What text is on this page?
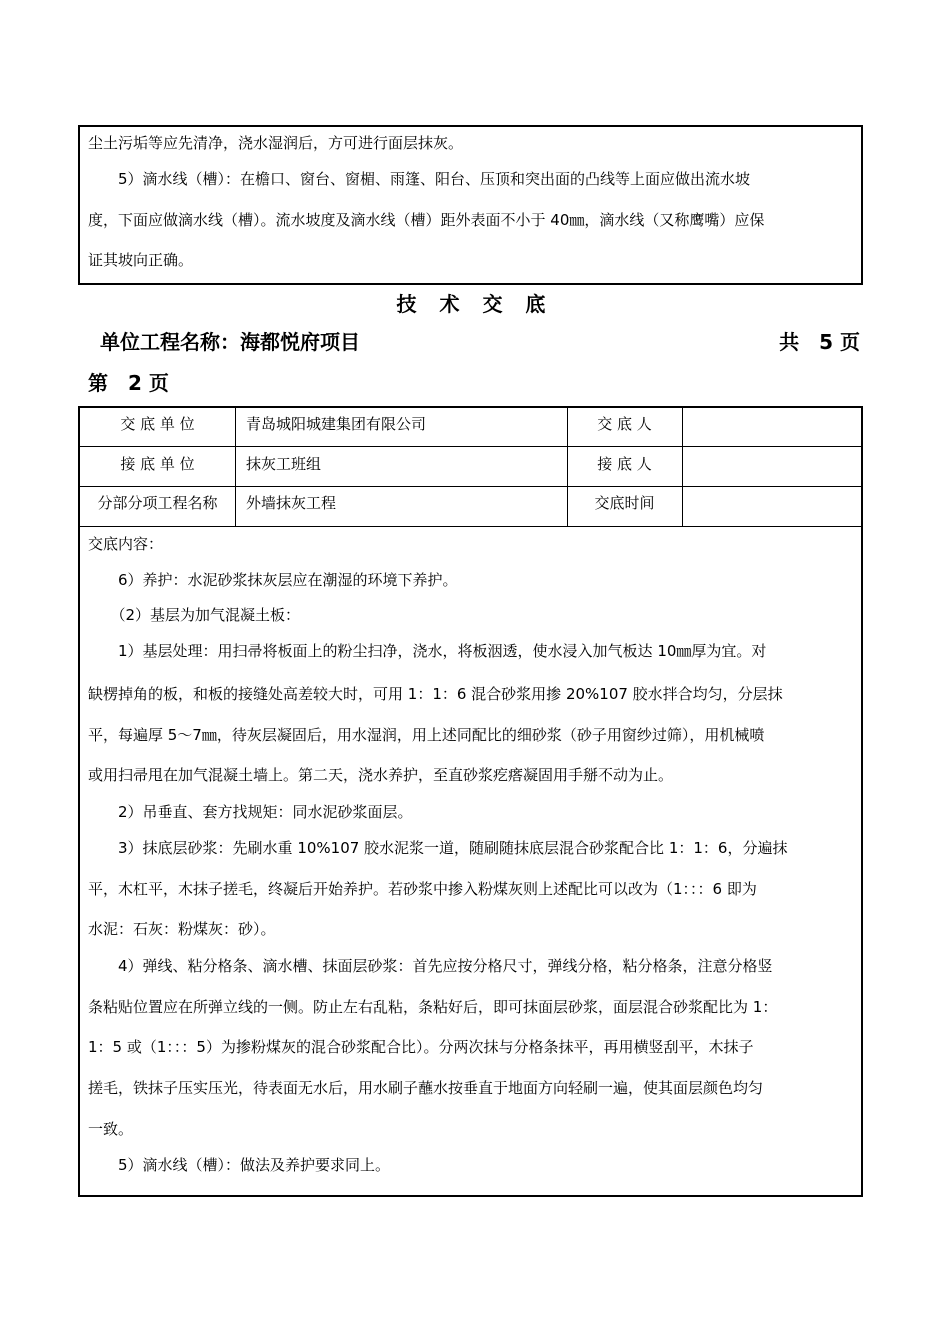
尘土污垢等应先清净，浇水湿润后，方可进行面层抹灰。
　　5）滴水线（槽）：在檐口、窗台、窗楣、雨篷、阳台、压顶和突出面的凸线等上面应做出流水坡
度，下面应做滴水线（槽）。流水坡度及滴水线（槽）距外表面不小于 40㎜，滴水线（又称鹰嘴）应保
证其坡向正确。
技 术 交 底
单位工程名称：海都悦府项目	共　5 页
第　2 页
交 底 单 位	青岛城阳城建集团有限公司	交 底 人
接 底 单 位	抹灰工班组	接 底 人
分部分项工程名称	外墙抹灰工程	交底时间
交底内容：
　　6）养护：水泥砂浆抹灰层应在潮湿的环境下养护。
　　（2）基层为加气混凝土板：
　　1）基层处理：用扫帚将板面上的粉尘扫净，浇水，将板洇透，使水浸入加气板达 10㎜厚为宜。对
缺楞掉角的板，和板的接缝处高差较大时，可用 1：1：6 混合砂浆用掺 20%107 胶水拌合均匀，分层抹
平，每遍厚 5～7㎜，待灰层凝固后，用水湿润，用上述同配比的细砂浆（砂子用窗纱过筛），用机械喷
或用扫帚甩在加气混凝土墙上。第二天，浇水养护，至直砂浆疙瘩凝固用手掰不动为止。
　　2）吊垂直、套方找规矩：同水泥砂浆面层。
　　3）抹底层砂浆：先刷水重 10%107 胶水泥浆一道，随刷随抹底层混合砂浆配合比 1：1：6，分遍抹
平，木杠平，木抹子搓毛，终凝后开始养护。若砂浆中掺入粉煤灰则上述配比可以改为（1：：：6 即为
水泥：石灰：粉煤灰：砂）。
　　4）弹线、粘分格条、滴水槽、抹面层砂浆：首先应按分格尺寸，弹线分格，粘分格条，注意分格竖
条粘贴位置应在所弹立线的一侧。防止左右乱粘，条粘好后，即可抹面层砂浆，面层混合砂浆配比为 1：
1：5 或（1：：：5）为掺粉煤灰的混合砂浆配合比）。分两次抹与分格条抹平，再用横竖刮平，木抹子
搓毛，铁抹子压实压光，待表面无水后，用水刷子蘸水按垂直于地面方向轻刷一遍，使其面层颜色均匀
一致。
　　5）滴水线（槽）：做法及养护要求同上。
